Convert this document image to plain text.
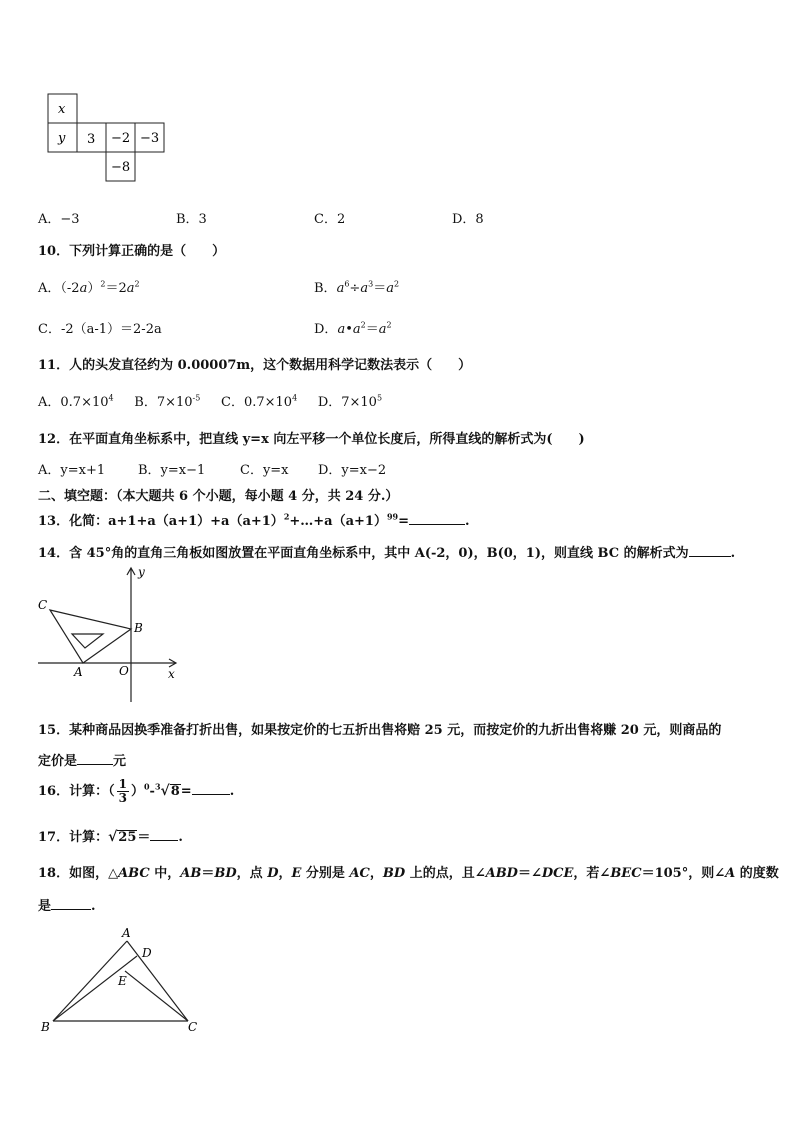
x
y 3 −2 −3
−8
A．−3	B．3	C．2	D．8
10．下列计算正确的是（　　）
A．$(-2a)^2=2a^2$	B．$a^6\div a^3=a^2$
C．-2（a-1）＝2-2a	D．$a•a^2=a^2$
11．人的头发直径约为 0.00007m，这个数据用科学记数法表示（　　）
A．$0.7\times 10^4$ B．$7\times 10^{-5}$ C．$0.7\times 10^4$ D．$7\times 10^5$
12．在平面直角坐标系中，把直线 y=x 向左平移一个单位长度后，所得直线的解析式为(　　)
A．y=x+1	B．y=x−1	C．y=x D．y=x−2
二、填空题：（本大题共 6 个小题，每小题 4 分，共 24 分.）
13．化简：$a+1+a(a+1)+a(a+1)^2+\dots+a(a+1)^{99}=$	.
14．含 45°角的直角三角板如图放置在平面直角坐标系中，其中 A(-2，0)，B(0，1)，则直线 BC 的解析式为	.
y
x
C
B
A	O
15．某种商品因换季准备打折出售，如果按定价的七五折出售将赔 25 元，而按定价的九折出售将赚 20 元，则商品的
定价是	元
16．计算：（ $\frac{1}{3} )^0-^3√8=$	.
17．计算：√25＝ .
18．如图，△ABC 中，AB＝BD，点 D，E 分别是 AC，BD 上的点，且∠ABD＝∠DCE，若∠BEC＝105°，则∠A 的度数
是	.
A
D
E
B	C
